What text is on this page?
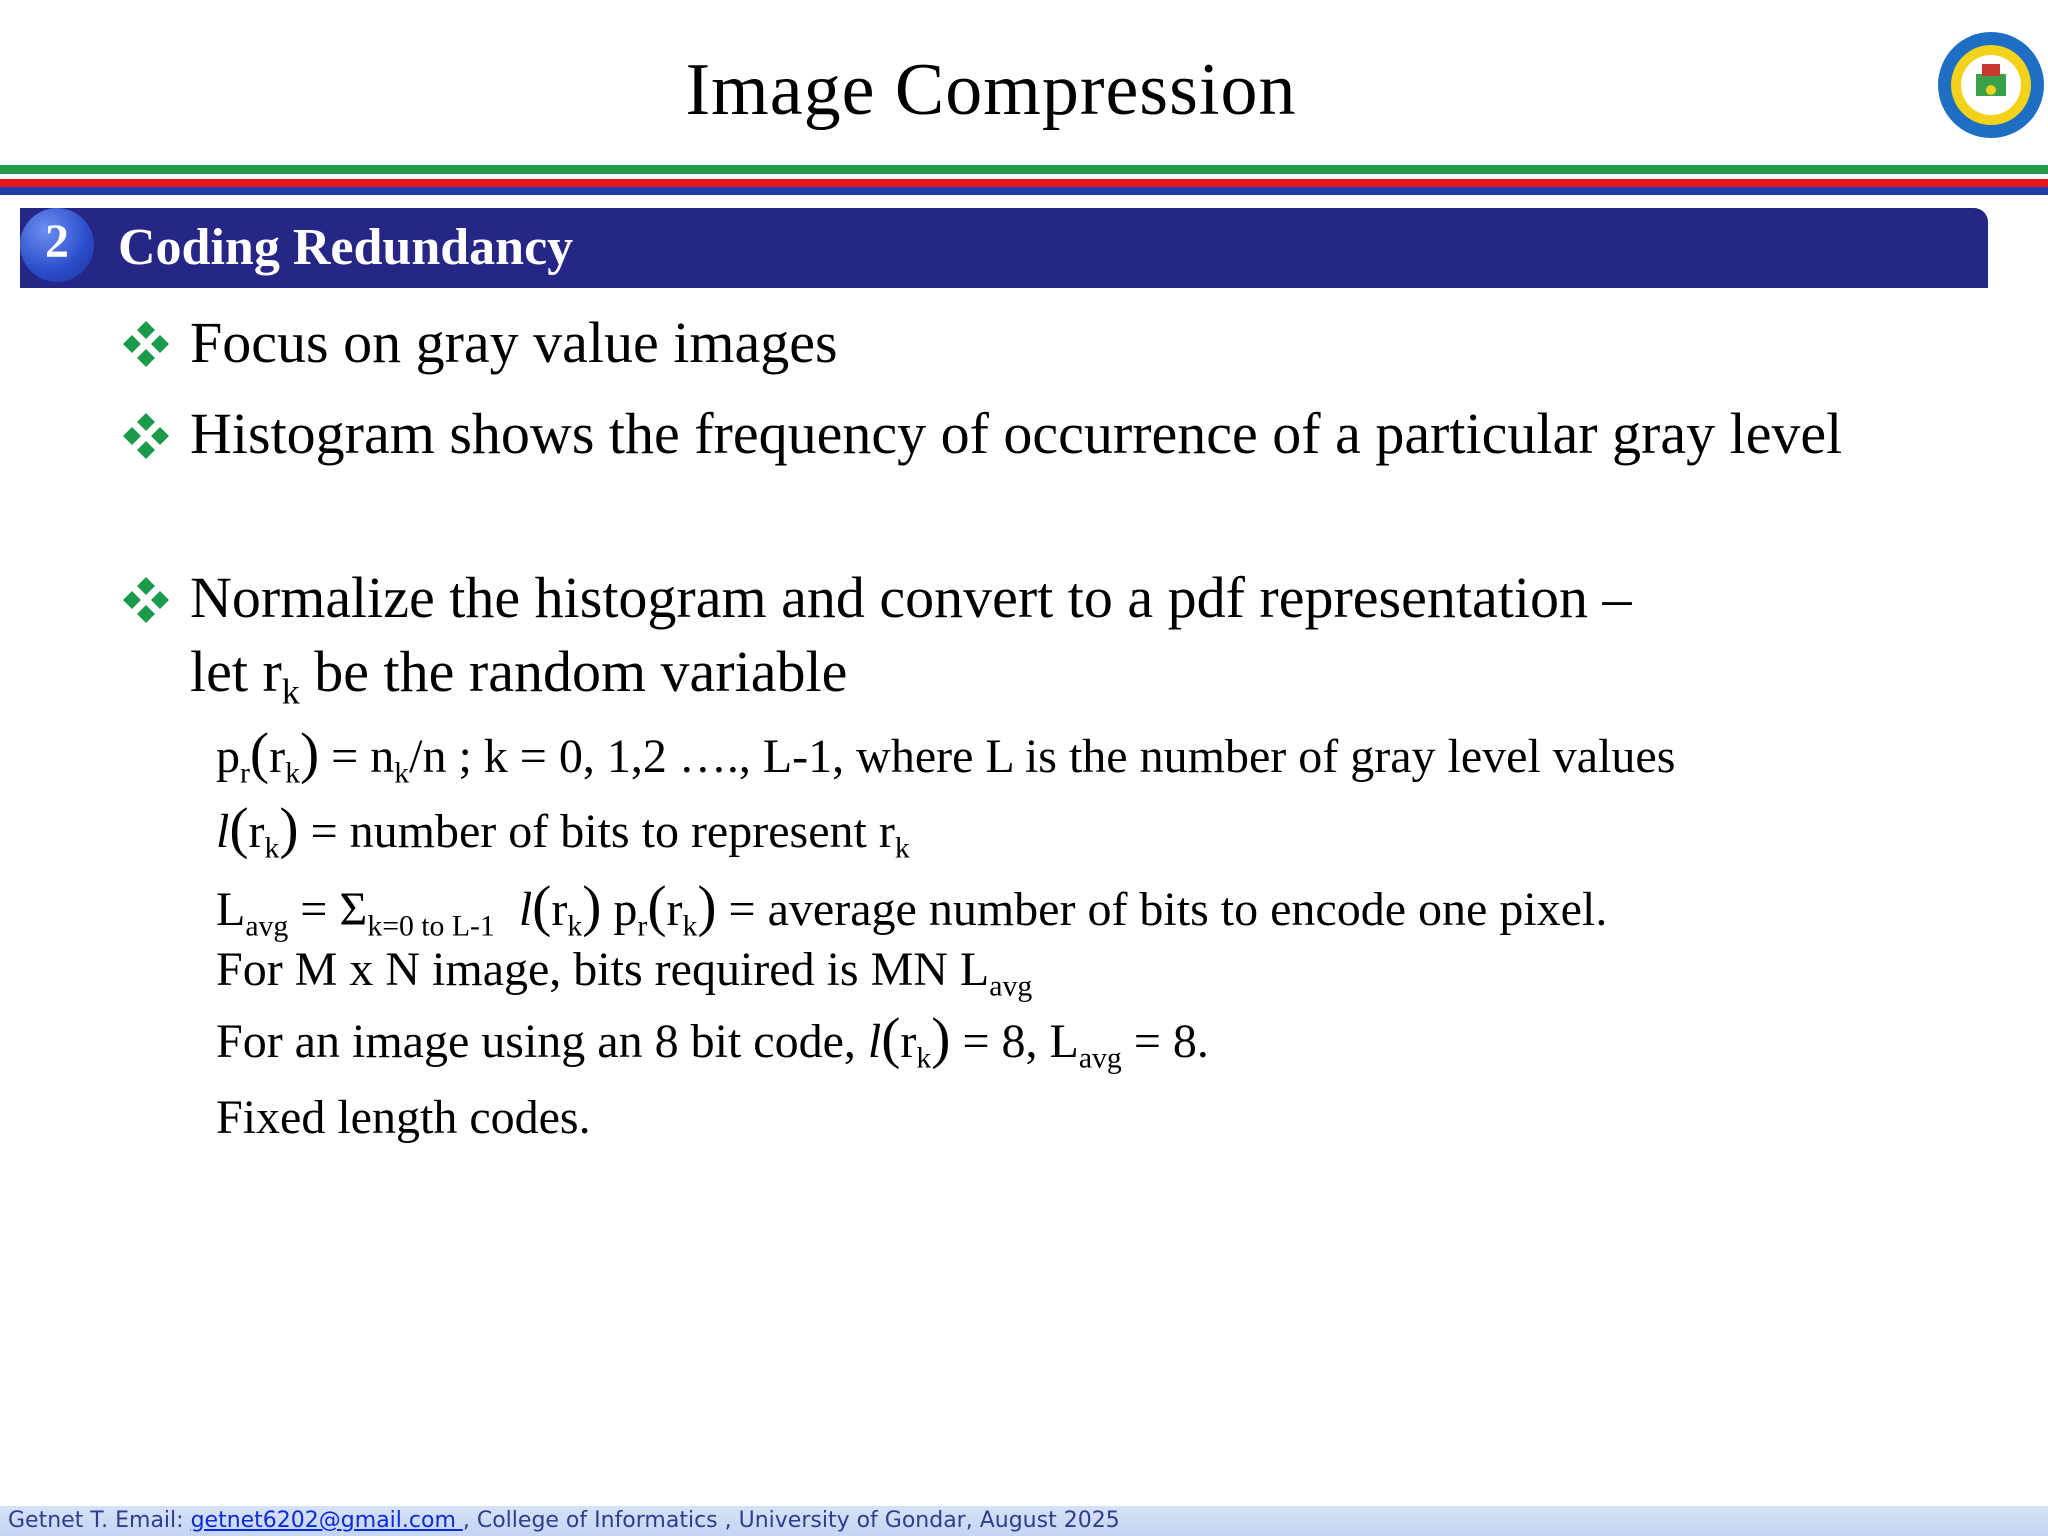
Image Compression
2 Coding Redundancy
Focus on gray value images
Histogram shows the frequency of occurrence of a particular gray level
Normalize the histogram and convert to a pdf representation –
let $r_k$ be the random variable
$p_r(r_k) = n_k/n$ ; k = 0, 1,2 …., L-1, where L is the number of gray level values
$l(r_k)$ = number of bits to represent $r_k$
$L_{avg} = \Sigma_{k=0 to L-1}$ $l(r_k) p_r(r_k)$ = average number of bits to encode one pixel.
For M x N image, bits required is MN $L_{avg}$
For an image using an 8 bit code, $l(r_k) = 8$, $L_{avg} = 8$.
Fixed length codes.
Getnet T. Email: getnet6202@gmail.com , College of Informatics , University of Gondar, August 2025
